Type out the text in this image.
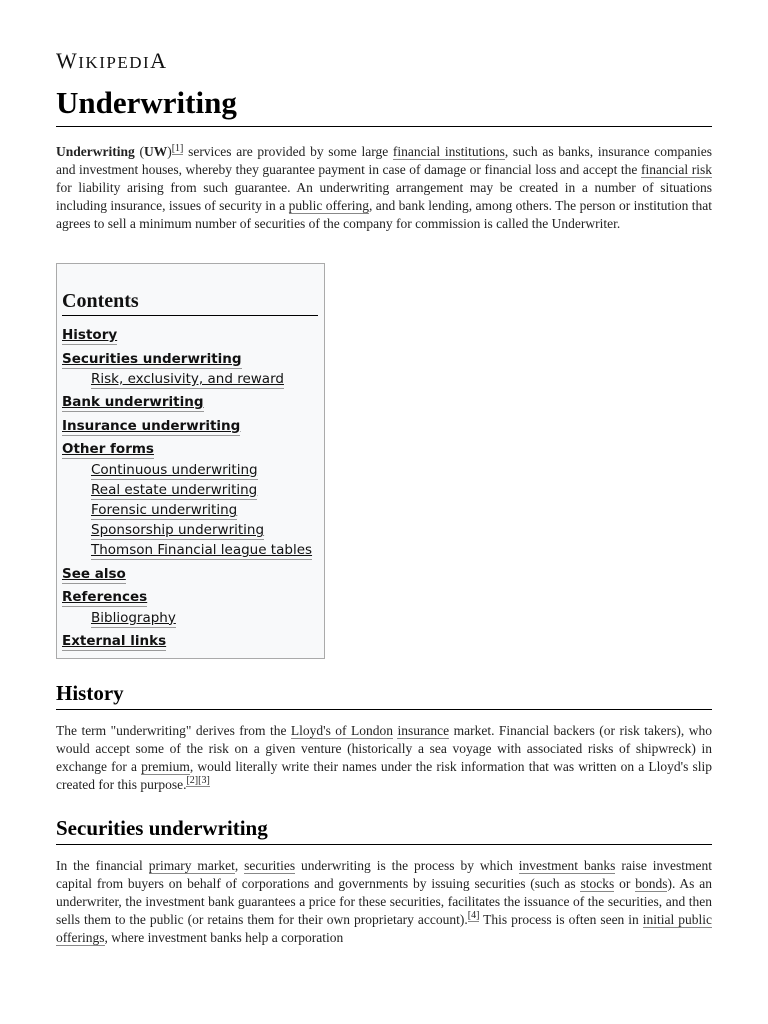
WIKIPEDIA
Underwriting
Underwriting (UW)[1] services are provided by some large financial institutions, such as banks, insurance companies and investment houses, whereby they guarantee payment in case of damage or financial loss and accept the financial risk for liability arising from such guarantee. An underwriting arrangement may be created in a number of situations including insurance, issues of security in a public offering, and bank lending, among others. The person or institution that agrees to sell a minimum number of securities of the company for commission is called the Underwriter.
Contents
History
Securities underwriting
Risk, exclusivity, and reward
Bank underwriting
Insurance underwriting
Other forms
Continuous underwriting
Real estate underwriting
Forensic underwriting
Sponsorship underwriting
Thomson Financial league tables
See also
References
Bibliography
External links
History
The term "underwriting" derives from the Lloyd's of London insurance market. Financial backers (or risk takers), who would accept some of the risk on a given venture (historically a sea voyage with associated risks of shipwreck) in exchange for a premium, would literally write their names under the risk information that was written on a Lloyd's slip created for this purpose.[2][3]
Securities underwriting
In the financial primary market, securities underwriting is the process by which investment banks raise investment capital from buyers on behalf of corporations and governments by issuing securities (such as stocks or bonds). As an underwriter, the investment bank guarantees a price for these securities, facilitates the issuance of the securities, and then sells them to the public (or retains them for their own proprietary account).[4] This process is often seen in initial public offerings, where investment banks help a corporation
